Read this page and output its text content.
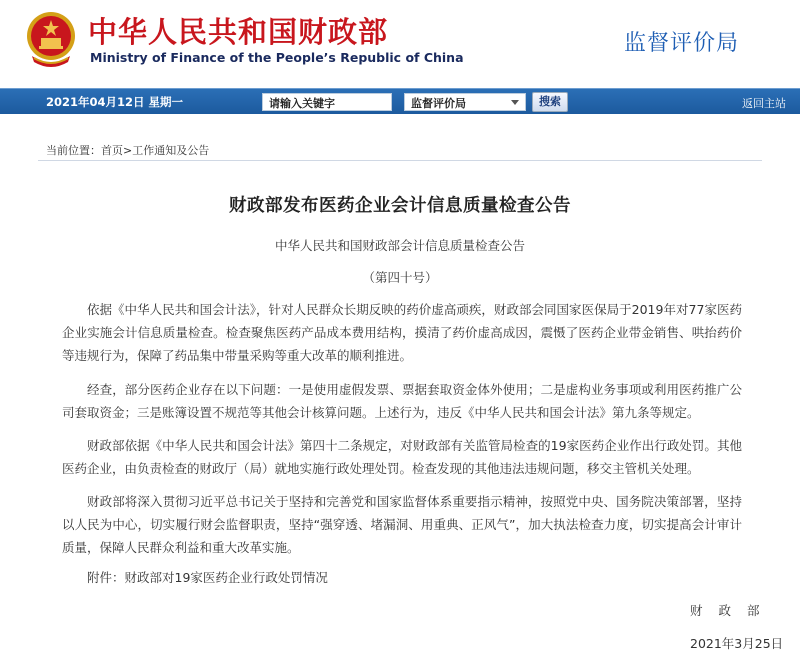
中华人民共和国财政部
Ministry of Finance of the People’s Republic of China
监督评价局
2021年04月12日 星期一	请输入关键字	监督评价局	搜索	返回主站
当前位置：首页>工作通知及公告
财政部发布医药企业会计信息质量检查公告
中华人民共和国财政部会计信息质量检查公告
（第四十号）

依据《中华人民共和国会计法》，针对人民群众长期反映的药价虚高顽疾，财政部会同国家医保局于2019年对77家医药企业实施会计信息质量检查。检查聚焦医药产品成本费用结构，摸清了药价虚高成因，震慑了医药企业带金销售、哄抬药价等违规行为，保障了药品集中带量采购等重大改革的顺利推进。

经查，部分医药企业存在以下问题：一是使用虚假发票、票据套取资金体外使用；二是虚构业务事项或利用医药推广公司套取资金；三是账簿设置不规范等其他会计核算问题。上述行为，违反《中华人民共和国会计法》第九条等规定。

财政部依据《中华人民共和国会计法》第四十二条规定，对财政部有关监管局检查的19家医药企业作出行政处罚。其他医药企业，由负责检查的财政厅（局）就地实施行政处理处罚。检查发现的其他违法违规问题，移交主管机关处理。

财政部将深入贯彻习近平总书记关于坚持和完善党和国家监督体系重要指示精神，按照党中央、国务院决策部署，坚持以人民为中心，切实履行财会监督职责，坚持“强穿透、堵漏洞、用重典、正风气”，加大执法检查力度，切实提高会计审计质量，保障人民群众利益和重大改革实施。

附件：财政部对19家医药企业行政处罚情况
财 政 部
2021年3月25日
